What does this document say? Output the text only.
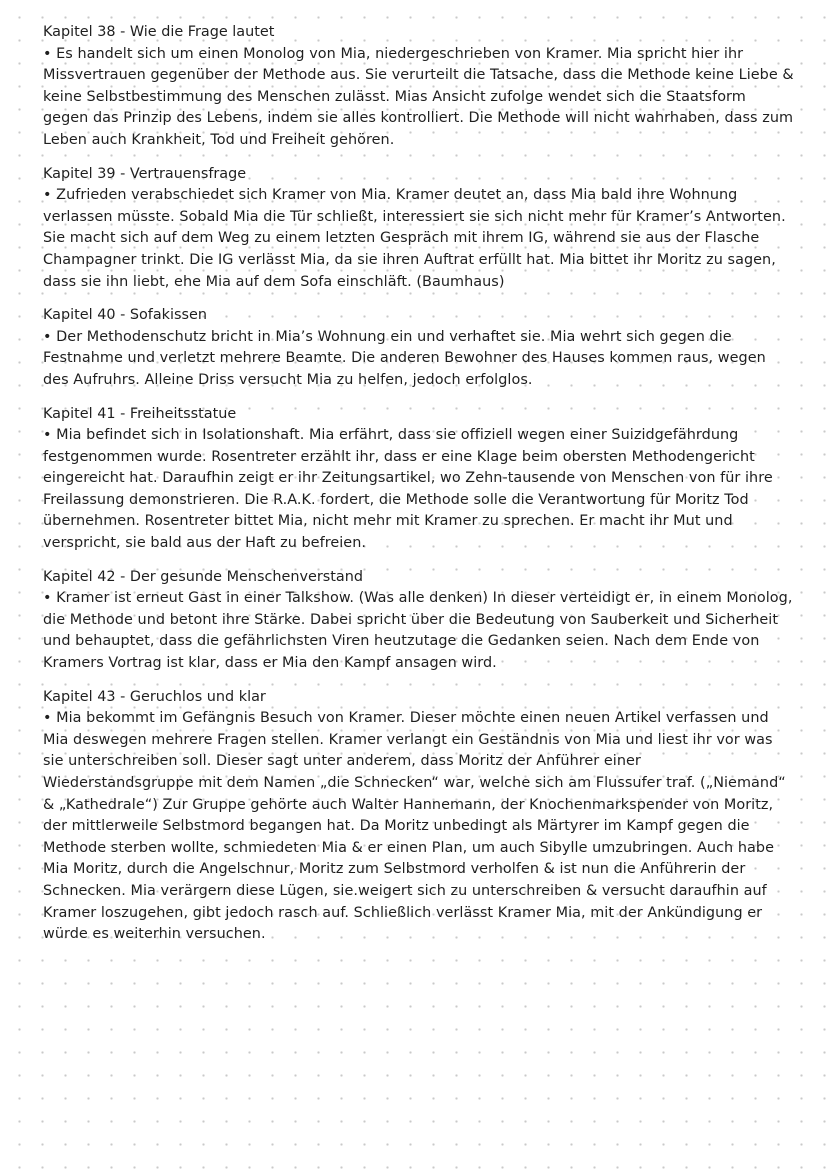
Kapitel 38 - Wie die Frage lautet

• Es handelt sich um einen Monolog von Mia, niedergeschrieben von Kramer. Mia spricht hier ihr Missvertrauen gegenüber der Methode aus. Sie verurteilt die Tatsache, dass die Methode keine Liebe & keine Selbstbestimmung des Menschen zulässt. Mias Ansicht zufolge wendet sich die Staatsform gegen das Prinzip des Lebens, indem sie alles kontrolliert. Die Methode will nicht wahrhaben, dass zum Leben auch Krankheit, Tod und Freiheit gehören.

Kapitel 39 - Vertrauensfrage

• Zufrieden verabschiedet sich Kramer von Mia. Kramer deutet an, dass Mia bald ihre Wohnung verlassen müsste. Sobald Mia die Tür schließt, interessiert sie sich nicht mehr für Kramer’s Antworten. Sie macht sich auf dem Weg zu einem letzten Gespräch mit ihrem IG, während sie aus der Flasche Champagner trinkt. Die IG verlässt Mia, da sie ihren Auftrat erfüllt hat. Mia bittet ihr Moritz zu sagen, dass sie ihn liebt, ehe Mia auf dem Sofa einschläft. (Baumhaus)

Kapitel 40 - Sofakissen

• Der Methodenschutz bricht in Mia’s Wohnung ein und verhaftet sie. Mia wehrt sich gegen die Festnahme und verletzt mehrere Beamte. Die anderen Bewohner des Hauses kommen raus, wegen des Aufruhrs. Alleine Driss versucht Mia zu helfen, jedoch erfolglos.

Kapitel 41 - Freiheitsstatue

• Mia befindet sich in Isolationshaft. Mia erfährt, dass sie offiziell wegen einer Suizidgefährdung festgenommen wurde. Rosentreter erzählt ihr, dass er eine Klage beim obersten Methodengericht eingereicht hat. Daraufhin zeigt er ihr Zeitungsartikel, wo Zehn-tausende von Menschen von für ihre Freilassung demonstrieren. Die R.A.K. fordert, die Methode solle die Verantwortung für Moritz Tod übernehmen. Rosentreter bittet Mia, nicht mehr mit Kramer zu sprechen. Er macht ihr Mut und verspricht, sie bald aus der Haft zu befreien.

Kapitel 42 - Der gesunde Menschenverstand

• Kramer ist erneut Gast in einer Talkshow. (Was alle denken) In dieser verteidigt er, in einem Monolog, die Methode und betont ihre Stärke. Dabei spricht über die Bedeutung von Sauberkeit und Sicherheit und behauptet, dass die gefährlichsten Viren heutzutage die Gedanken seien. Nach dem Ende von Kramers Vortrag ist klar, dass er Mia den Kampf ansagen wird.

Kapitel 43 - Geruchlos und klar

• Mia bekommt im Gefängnis Besuch von Kramer. Dieser möchte einen neuen Artikel verfassen und Mia deswegen mehrere Fragen stellen. Kramer verlangt ein Geständnis von Mia und liest ihr vor was sie unterschreiben soll. Dieser sagt unter anderem, dass Moritz der Anführer einer Wiederstandsgruppe mit dem Namen „die Schnecken“ war, welche sich am Flussufer traf. („Niemand“ & „Kathedrale“) Zur Gruppe gehörte auch Walter Hannemann, der Knochenmarkspender von Moritz, der mittlerweile Selbstmord begangen hat. Da Moritz unbedingt als Märtyrer im Kampf gegen die Methode sterben wollte, schmiedeten Mia & er einen Plan, um auch Sibylle umzubringen. Auch habe Mia Moritz, durch die Angelschnur, Moritz zum Selbstmord verholfen & ist nun die Anführerin der Schnecken. Mia verärgern diese Lügen, sie.weigert sich zu unterschreiben & versucht daraufhin auf Kramer loszugehen, gibt jedoch rasch auf. Schließlich verlässt Kramer Mia, mit der Ankündigung er würde es weiterhin versuchen.
